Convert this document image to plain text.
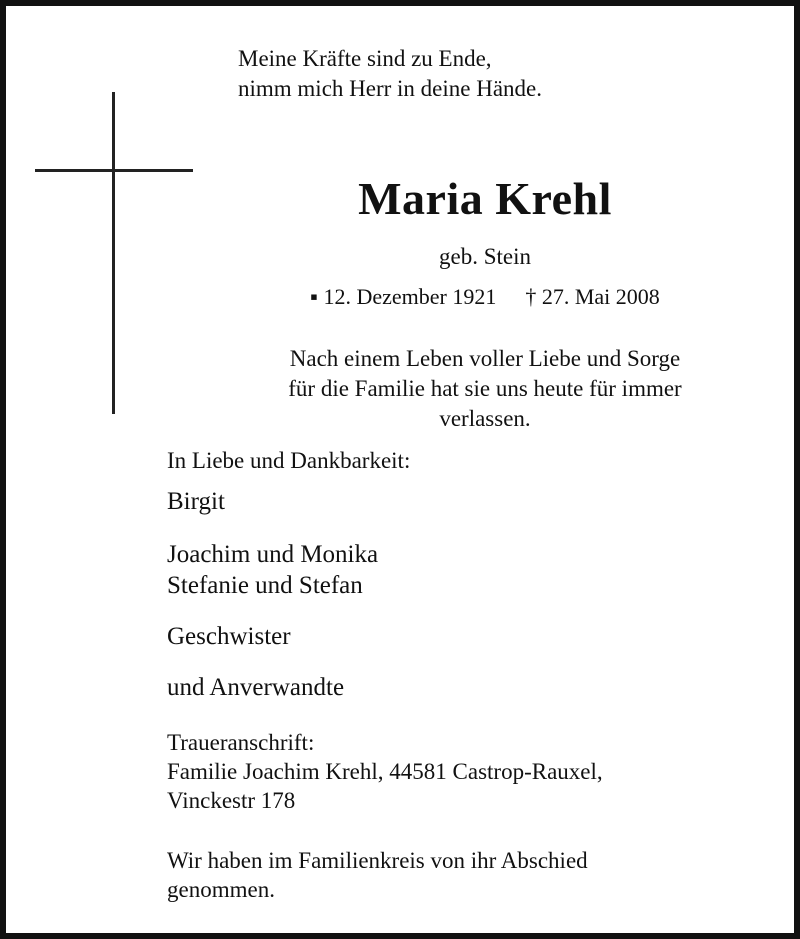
Meine Kräfte sind zu Ende,
nimm mich Herr in deine Hände.
Maria Krehl
geb. Stein
▪ 12. Dezember 1921 † 27. Mai 2008
Nach einem Leben voller Liebe und Sorge
für die Familie hat sie uns heute für immer
verlassen.
In Liebe und Dankbarkeit:
Birgit
Joachim und Monika
Stefanie und Stefan
Geschwister
und Anverwandte
Traueranschrift:
Familie Joachim Krehl, 44581 Castrop-Rauxel,
Vinckestr 178
Wir haben im Familienkreis von ihr Abschied
genommen.
